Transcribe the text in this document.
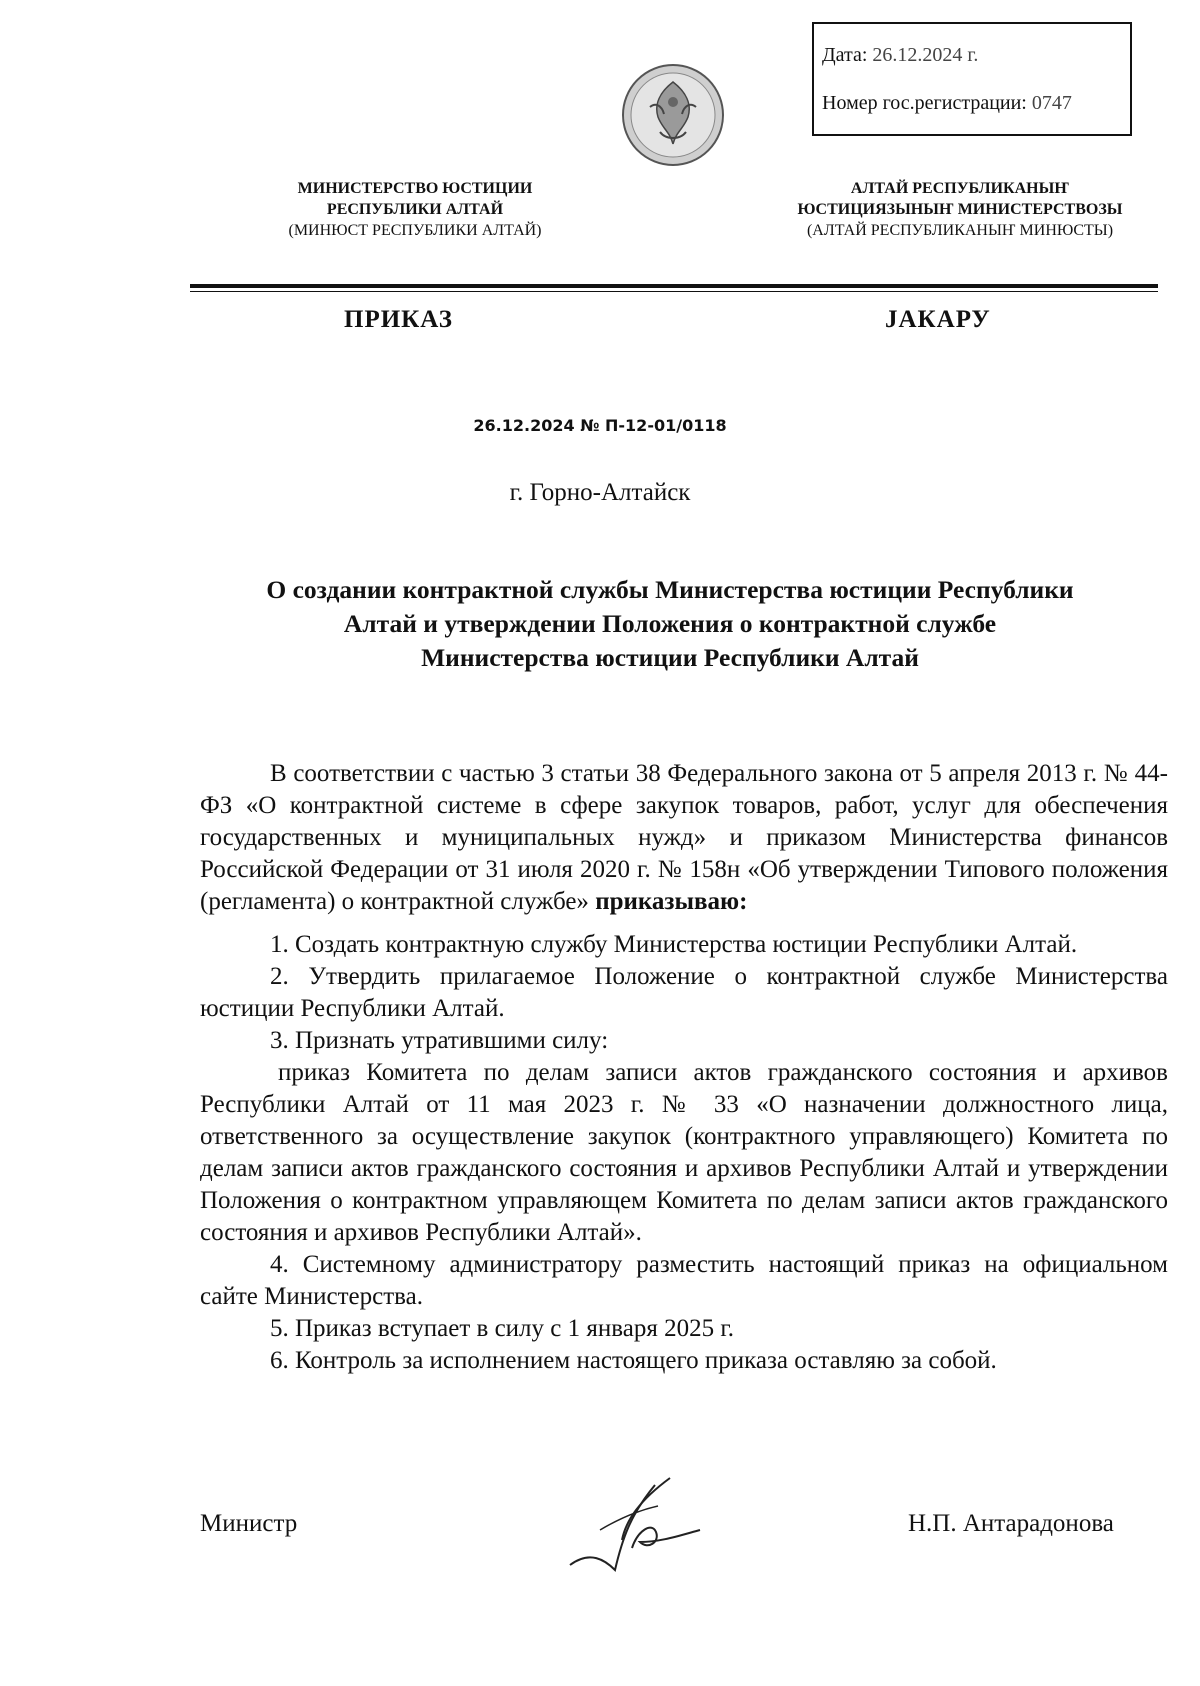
Дата: 26.12.2024 г.
Номер гос.регистрации: 0747
МИНИСТЕРСТВО ЮСТИЦИИ
РЕСПУБЛИКИ АЛТАЙ
(МИНЮСТ РЕСПУБЛИКИ АЛТАЙ)
АЛТАЙ РЕСПУБЛИКАНЫҤ
ЮСТИЦИЯЗЫНЫҤ МИНИСТЕРСТВОЗЫ
(АЛТАЙ РЕСПУБЛИКАНЫҤ МИНЮСТЫ)
ПРИКАЗ	ЈАКАРУ
26.12.2024 № П-12-01/0118
г. Горно-Алтайск
О создании контрактной службы Министерства юстиции Республики
Алтай и утверждении Положения о контрактной службе
Министерства юстиции Республики Алтай

В соответствии с частью 3 статьи 38 Федерального закона от 5 апреля 2013 г. № 44-ФЗ «О контрактной системе в сфере закупок товаров, работ, услуг для обеспечения государственных и муниципальных нужд» и приказом Министерства финансов Российской Федерации от 31 июля 2020 г. № 158н «Об утверждении Типового положения (регламента) о контрактной службе» приказываю:

1. Создать контрактную службу Министерства юстиции Республики Алтай.

2. Утвердить прилагаемое Положение о контрактной службе Министерства юстиции Республики Алтай.

3. Признать утратившими силу:

приказ Комитета по делам записи актов гражданского состояния и архивов Республики Алтай от 11 мая 2023 г. № 33 «О назначении должностного лица, ответственного за осуществление закупок (контрактного управляющего) Комитета по делам записи актов гражданского состояния и архивов Республики Алтай и утверждении Положения о контрактном управляющем Комитета по делам записи актов гражданского состояния и архивов Республики Алтай».

4. Системному администратору разместить настоящий приказ на официальном сайте Министерства.

5. Приказ вступает в силу с 1 января 2025 г.

6. Контроль за исполнением настоящего приказа оставляю за собой.

Министр	Н.П. Антарадонова
